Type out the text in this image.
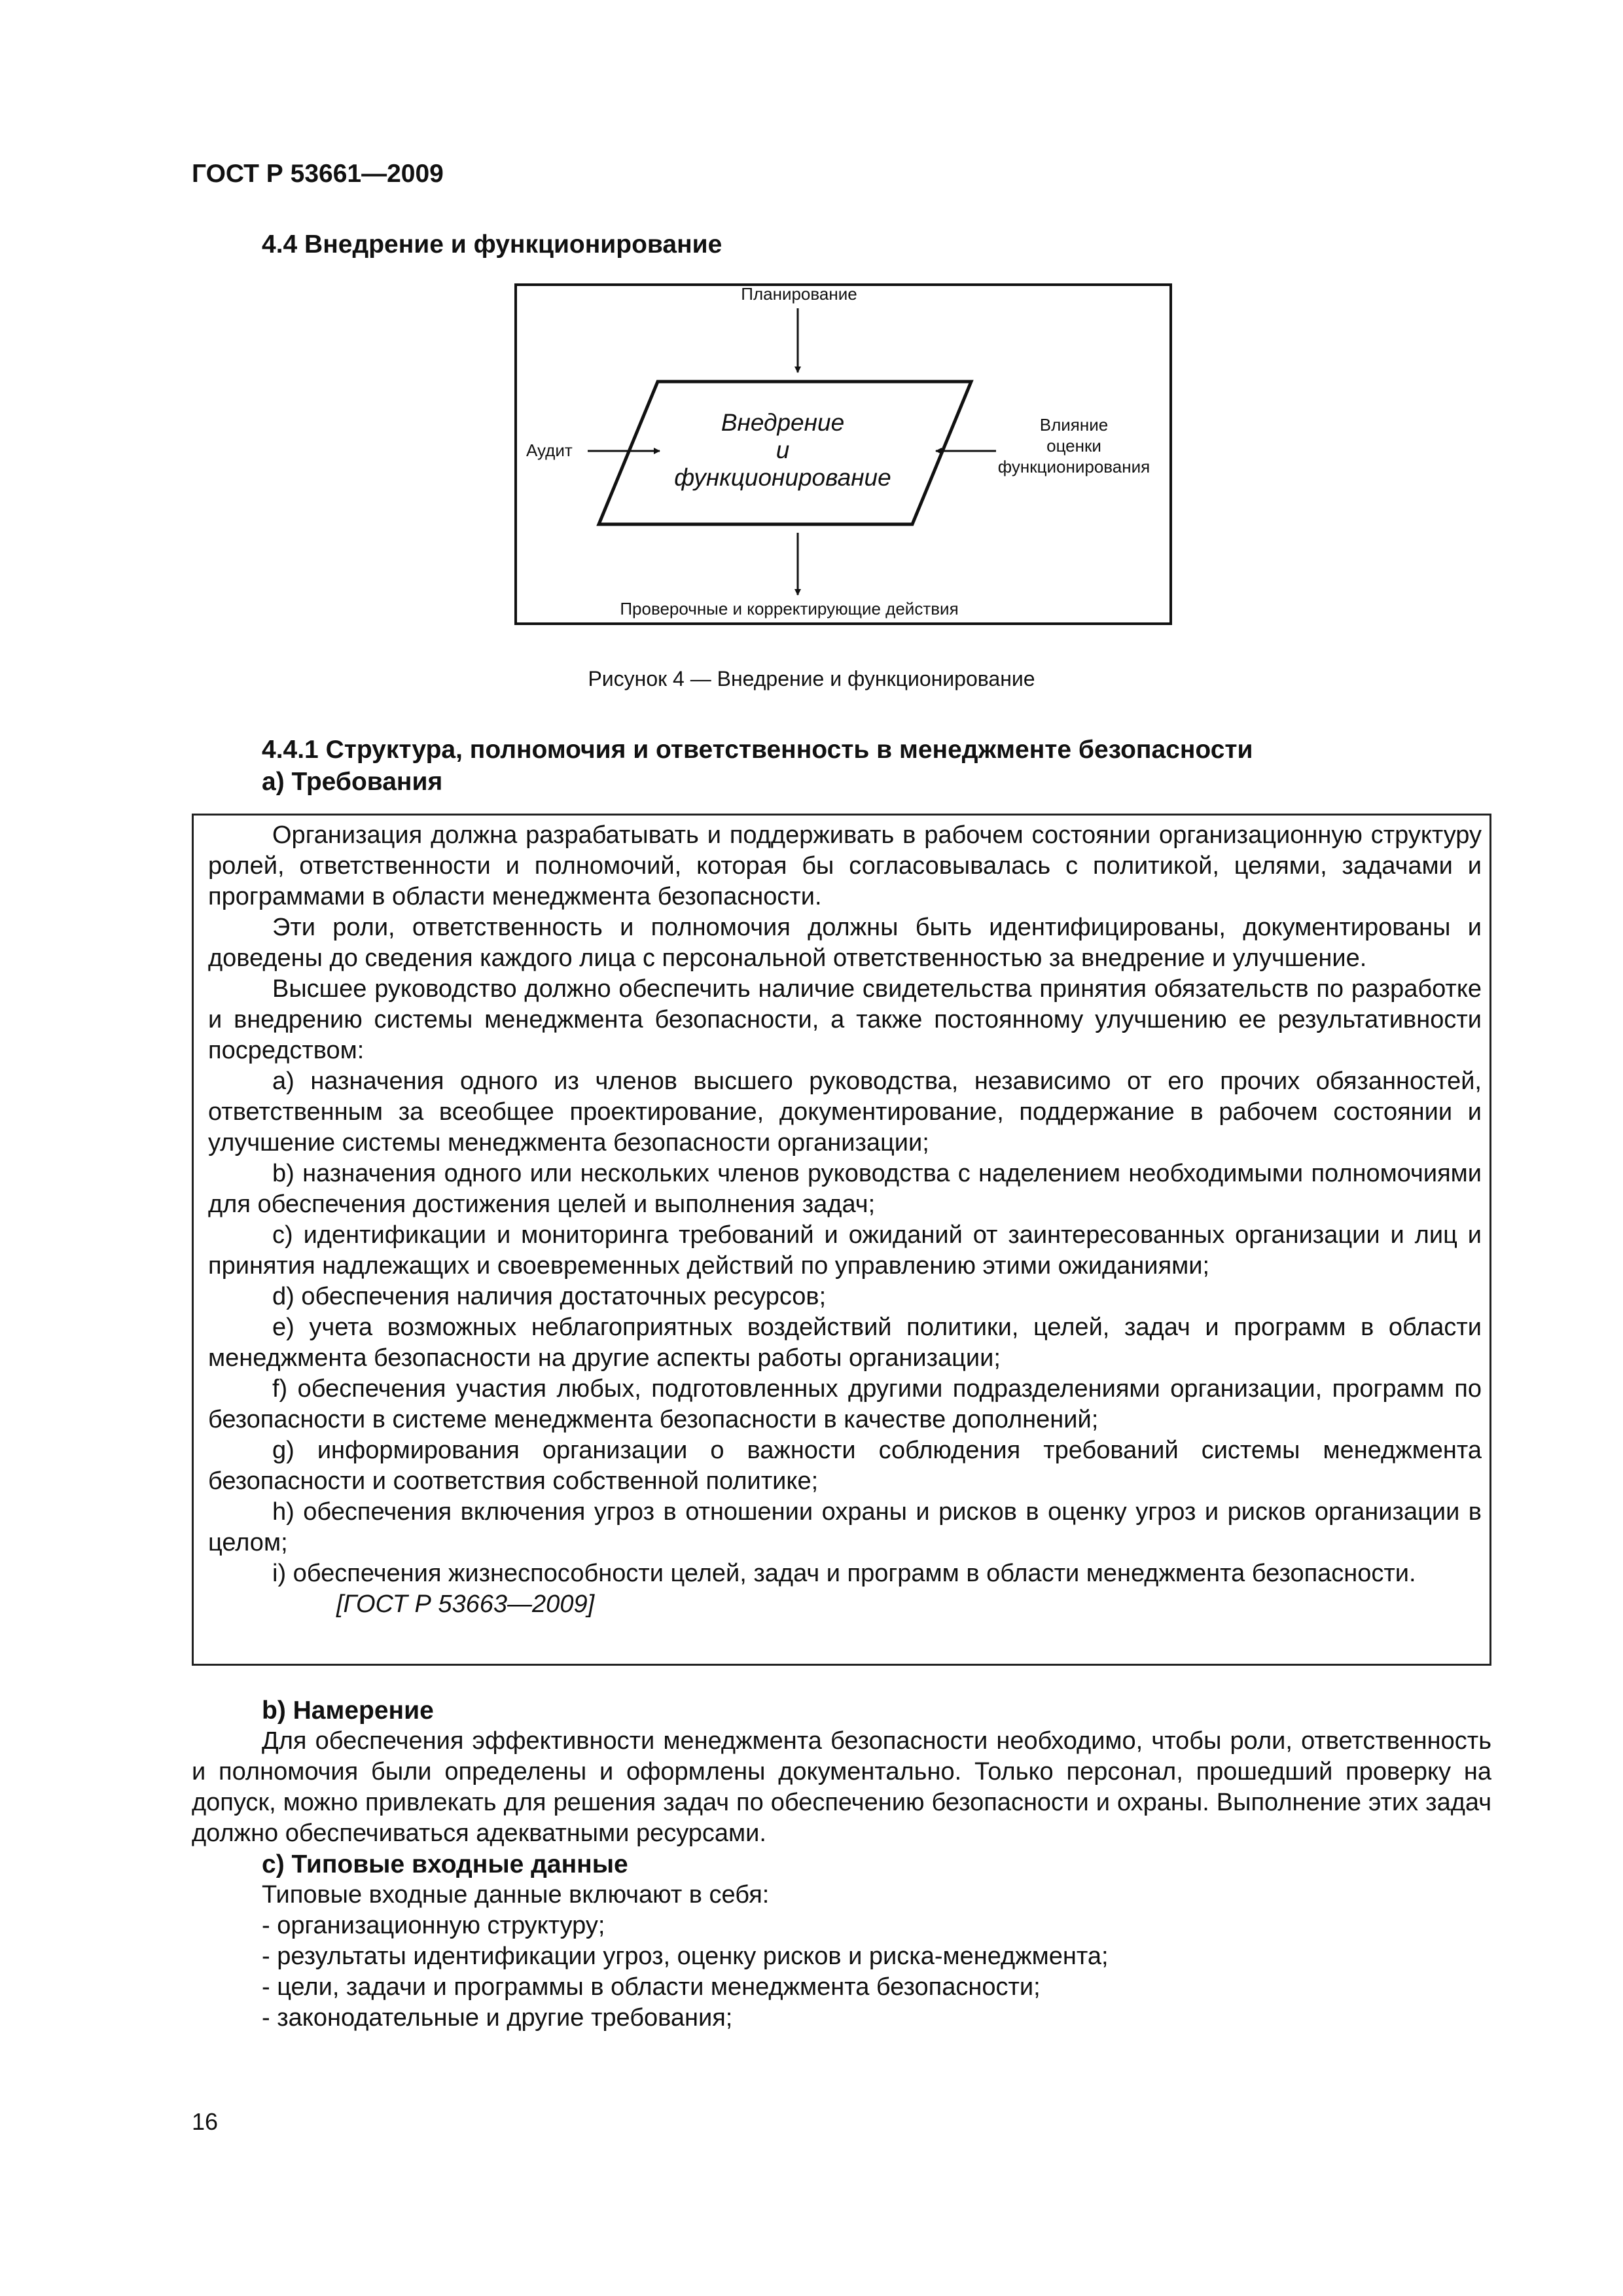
ГОСТ Р 53661—2009
4.4 Внедрение и функционирование
Планирование
Внедрение
и
функционирование
Аудит
Влияние
оценки
функционирования
Проверочные и корректирующие действия
Рисунок 4 — Внедрение и функционирование
4.4.1 Структура, полномочия и ответственность в менеджменте безопасности
а) Требования

Организация должна разрабатывать и поддерживать в рабочем состоянии организационную структуру ролей, ответственности и полномочий, которая бы согласовывалась с политикой, целями, задачами и программами в области менеджмента безопасности.

Эти роли, ответственность и полномочия должны быть идентифицированы, документированы и доведены до сведения каждого лица с персональной ответственностью за внедрение и улучшение.

Высшее руководство должно обеспечить наличие свидетельства принятия обязательств по разработке и внедрению системы менеджмента безопасности, а также постоянному улучшению ее результативности посредством:

а) назначения одного из членов высшего руководства, независимо от его прочих обязанностей, ответственным за всеобщее проектирование, документирование, поддержание в рабочем состоянии и улучшение системы менеджмента безопасности организации;

b) назначения одного или нескольких членов руководства с наделением необходимыми полномочиями для обеспечения достижения целей и выполнения задач;

с) идентификации и мониторинга требований и ожиданий от заинтересованных организации и лиц и принятия надлежащих и своевременных действий по управлению этими ожиданиями;

d) обеспечения наличия достаточных ресурсов;

е) учета возможных неблагоприятных воздействий политики, целей, задач и программ в области менеджмента безопасности на другие аспекты работы организации;

f) обеспечения участия любых, подготовленных другими подразделениями организации, программ по безопасности в системе менеджмента безопасности в качестве дополнений;

g) информирования организации о важности соблюдения требований системы менеджмента безопасности и соответствия собственной политике;

h) обеспечения включения угроз в отношении охраны и рисков в оценку угроз и рисков организации в целом;

i) обеспечения жизнеспособности целей, задач и программ в области менеджмента безопасности.

[ГОСТ Р 53663—2009]

b) Намерение

Для обеспечения эффективности менеджмента безопасности необходимо, чтобы роли, ответственность и полномочия были определены и оформлены документально. Только персонал, прошедший проверку на допуск, можно привлекать для решения задач по обеспечению безопасности и охраны. Выполнение этих задач должно обеспечиваться адекватными ресурсами.

с) Типовые входные данные

Типовые входные данные включают в себя:

- организационную структуру;

- результаты идентификации угроз, оценку рисков и риска-менеджмента;

- цели, задачи и программы в области менеджмента безопасности;

- законодательные и другие требования;

16
